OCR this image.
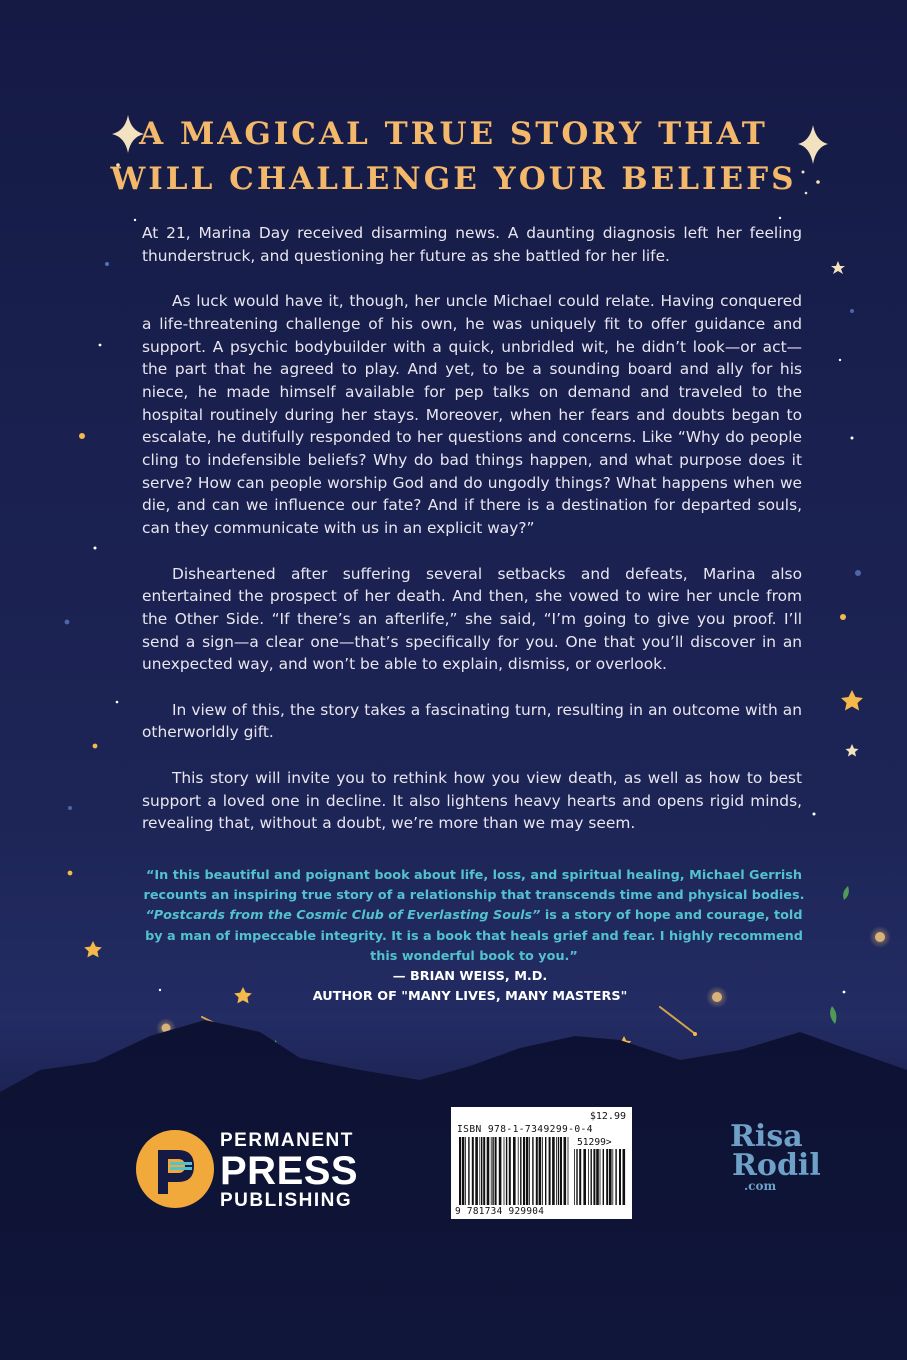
A MAGICAL TRUE STORY THAT
WILL CHALLENGE YOUR BELIEFS

At 21, Marina Day received disarming news. A daunting diagnosis left her feeling thunderstruck, and questioning her future as she battled for her life.

As luck would have it, though, her uncle Michael could relate. Having conquered a life-threatening challenge of his own, he was uniquely fit to offer guidance and support. A psychic bodybuilder with a quick, unbridled wit, he didn’t look—or act—the part that he agreed to play. And yet, to be a sounding board and ally for his niece, he made himself available for pep talks on demand and traveled to the hospital routinely during her stays. Moreover, when her fears and doubts began to escalate, he dutifully responded to her questions and concerns. Like “Why do people cling to indefensible beliefs? Why do bad things happen, and what purpose does it serve? How can people worship God and do ungodly things? What happens when we die, and can we influence our fate? And if there is a destination for departed souls, can they communicate with us in an explicit way?”

Disheartened after suffering several setbacks and defeats, Marina also entertained the prospect of her death. And then, she vowed to wire her uncle from the Other Side. “If there’s an afterlife,” she said, “I’m going to give you proof. I’ll send a sign—a clear one—that’s specifically for you. One that you’ll discover in an unexpected way, and won’t be able to explain, dismiss, or overlook.

In view of this, the story takes a fascinating turn, resulting in an outcome with an otherworldly gift.

This story will invite you to rethink how you view death, as well as how to best support a loved one in decline. It also lightens heavy hearts and opens rigid minds, revealing that, without a doubt, we’re more than we may seem.

“In this beautiful and poignant book about life, loss, and spiritual healing, Michael Gerrish recounts an inspiring true story of a relationship that transcends time and physical bodies. “Postcards from the Cosmic Club of Everlasting Souls” is a story of hope and courage, told by a man of impeccable integrity. It is a book that heals grief and fear. I highly recommend this wonderful book to you.”
— BRIAN WEISS, M.D.
AUTHOR OF "MANY LIVES, MANY MASTERS"
PERMANENT
PRESS
PUBLISHING
$12.99
ISBN 978-1-7349299-0-4
51299>
9 781734 929904
Risa
Rodil
.com
